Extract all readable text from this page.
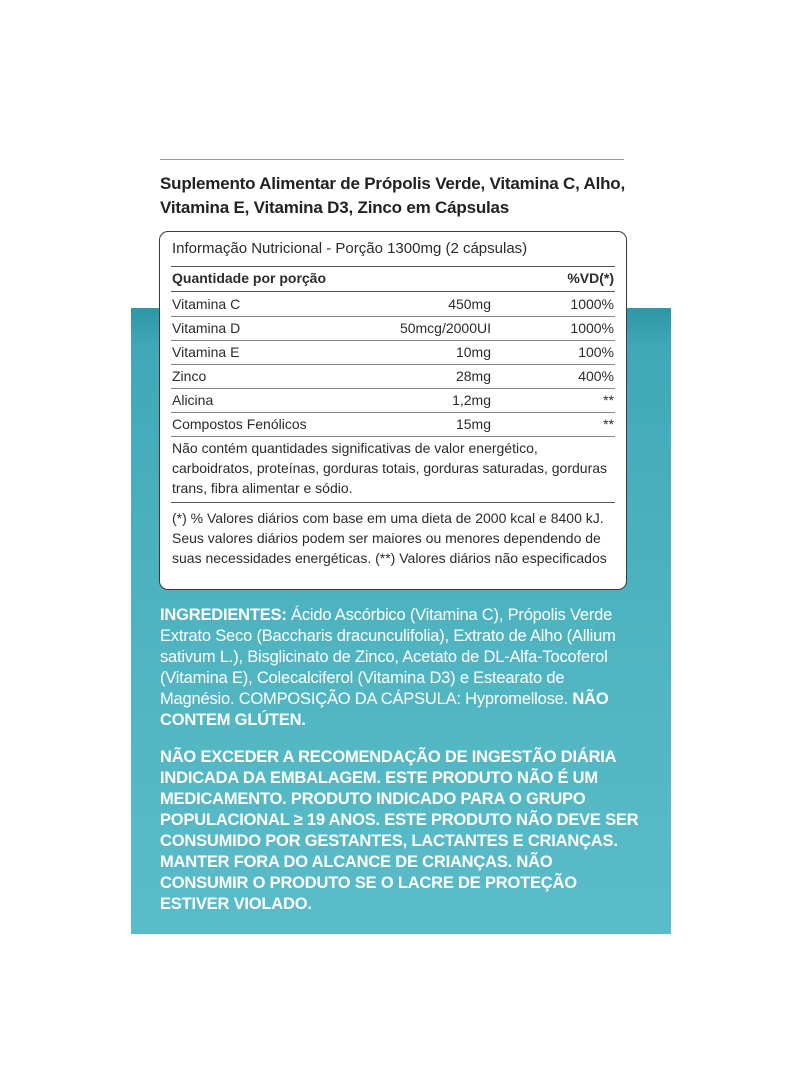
Suplemento Alimentar de Própolis Verde, Vitamina C, Alho, Vitamina E, Vitamina D3, Zinco em Cápsulas
Informação Nutricional - Porção 1300mg (2 cápsulas)
Quantidade por porção	%VD(*)
Vitamina C	450mg	1000%
Vitamina D	50mcg/2000UI	1000%
Vitamina E	10mg	100%
Zinco	28mg	400%
Alicina	1,2mg	**
Compostos Fenólicos	15mg	**
Não contém quantidades significativas de valor energético, carboidratos, proteínas, gorduras totais, gorduras saturadas, gorduras trans, fibra alimentar e sódio.
(*) % Valores diários com base em uma dieta de 2000 kcal e 8400 kJ. Seus valores diários podem ser maiores ou menores dependendo de suas necessidades energéticas. (**) Valores diários não especificados
INGREDIENTES: Ácido Ascórbico (Vitamina C), Própolis Verde Extrato Seco (Baccharis dracunculifolia), Extrato de Alho (Allium sativum L.), Bisglicinato de Zinco, Acetato de DL-Alfa-Tocoferol (Vitamina E), Colecalciferol (Vitamina D3) e Estearato de Magnésio. COMPOSIÇÃO DA CÁPSULA: Hypromellose. NÃO CONTEM GLÚTEN.
NÃO EXCEDER A RECOMENDAÇÃO DE INGESTÃO DIÁRIA INDICADA DA EMBALAGEM. ESTE PRODUTO NÃO É UM MEDICAMENTO. PRODUTO INDICADO PARA O GRUPO POPULACIONAL ≥ 19 ANOS. ESTE PRODUTO NÃO DEVE SER CONSUMIDO POR GESTANTES, LACTANTES E CRIANÇAS. MANTER FORA DO ALCANCE DE CRIANÇAS. NÃO CONSUMIR O PRODUTO SE O LACRE DE PROTEÇÃO ESTIVER VIOLADO.
